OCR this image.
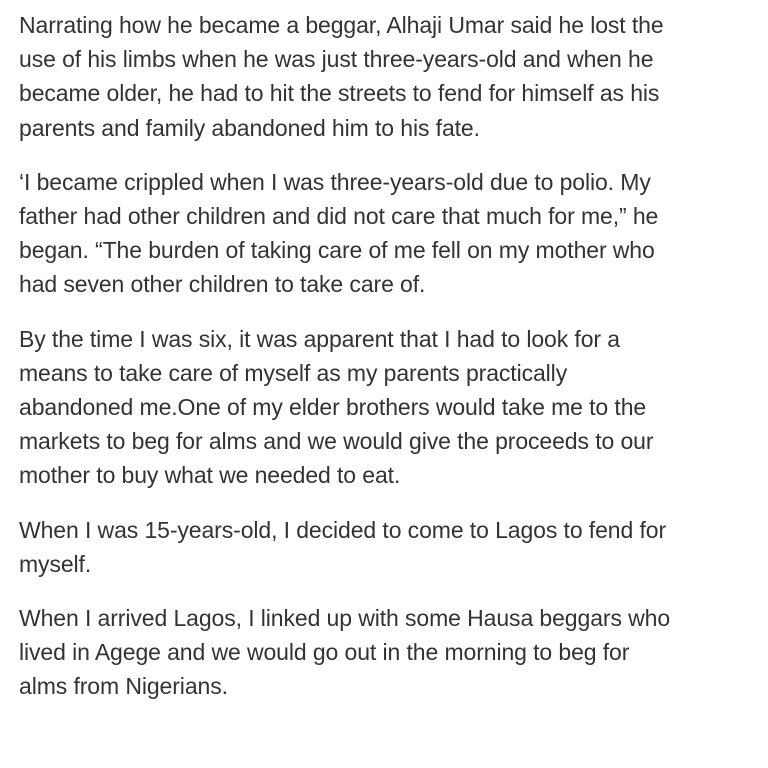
Narrating how he became a beggar, Alhaji Umar said he lost the
use of his limbs when he was just three-years-old and when he
became older, he had to hit the streets to fend for himself as his
parents and family abandoned him to his fate.

‘I became crippled when I was three-years-old due to polio. My
father had other children and did not care that much for me,” he
began. “The burden of taking care of me fell on my mother who
had seven other children to take care of.

By the time I was six, it was apparent that I had to look for a
means to take care of myself as my parents practically
abandoned me.One of my elder brothers would take me to the
markets to beg for alms and we would give the proceeds to our
mother to buy what we needed to eat.

When I was 15-years-old, I decided to come to Lagos to fend for
myself.

When I arrived Lagos, I linked up with some Hausa beggars who
lived in Agege and we would go out in the morning to beg for
alms from Nigerians.
